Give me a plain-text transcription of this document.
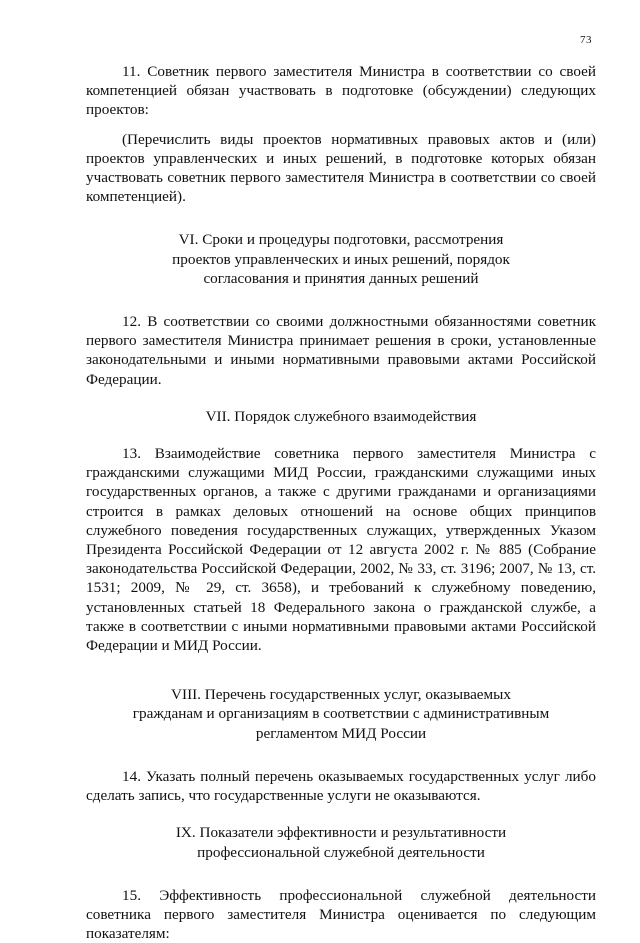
73

11. Советник первого заместителя Министра в соответствии со своей компетенцией обязан участвовать в подготовке (обсуждении) следующих проектов:

(Перечислить виды проектов нормативных правовых актов и (или) проектов управленческих и иных решений, в подготовке которых обязан участвовать советник первого заместителя Министра в соответствии со своей компетенцией).

VI. Сроки и процедуры подготовки, рассмотрения
проектов управленческих и иных решений, порядок
согласования и принятия данных решений

12. В соответствии со своими должностными обязанностями советник первого заместителя Министра принимает решения в сроки, установленные законодательными и иными нормативными правовыми актами Российской Федерации.

VII. Порядок служебного взаимодействия

13. Взаимодействие советника первого заместителя Министра с гражданскими служащими МИД России, гражданскими служащими иных государственных органов, а также с другими гражданами и организациями строится в рамках деловых отношений на основе общих принципов служебного поведения государственных служащих, утвержденных Указом Президента Российской Федерации от 12 августа 2002 г. № 885 (Собрание законодательства Российской Федерации, 2002, № 33, ст. 3196; 2007, № 13, ст. 1531; 2009, № 29, ст. 3658), и требований к служебному поведению, установленных статьей 18 Федерального закона о гражданской службе, а также в соответствии с иными нормативными правовыми актами Российской Федерации и МИД России.

VIII. Перечень государственных услуг, оказываемых
гражданам и организациям в соответствии с административным
регламентом МИД России

14. Указать полный перечень оказываемых государственных услуг либо сделать запись, что государственные услуги не оказываются.

IX. Показатели эффективности и результативности
профессиональной служебной деятельности

15. Эффективность профессиональной служебной деятельности советника первого заместителя Министра оценивается по следующим показателям:
